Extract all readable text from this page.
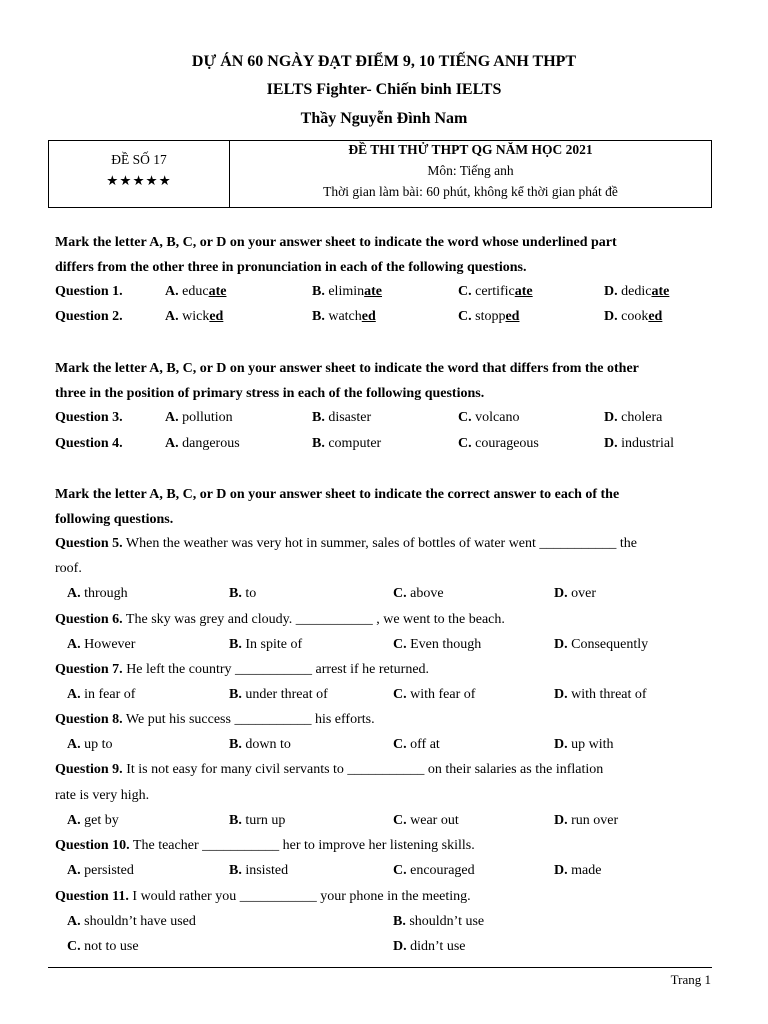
DỰ ÁN 60 NGÀY ĐẠT ĐIỂM 9, 10 TIẾNG ANH THPT
IELTS Fighter- Chiến binh IELTS
Thầy Nguyễn Đình Nam
ĐỀ SỐ 17
★★★★★
ĐỀ THI THỬ THPT QG NĂM HỌC 2021
Môn: Tiếng anh
Thời gian làm bài: 60 phút, không kể thời gian phát đề
Mark the letter A, B, C, or D on your answer sheet to indicate the word whose underlined part
differs from the other three in pronunciation in each of the following questions.
Question 1.	A. educate	B. eliminate	C. certificate	D. dedicate
Question 2.	A. wicked	B. watched	C. stopped	D. cooked
Mark the letter A, B, C, or D on your answer sheet to indicate the word that differs from the other
three in the position of primary stress in each of the following questions.
Question 3.	A. pollution	B. disaster	C. volcano	D. cholera
Question 4.	A. dangerous	B. computer	C. courageous	D. industrial
Mark the letter A, B, C, or D on your answer sheet to indicate the correct answer to each of the
following questions.
Question 5. When the weather was very hot in summer, sales of bottles of water went ___________ the
roof.
A. through	B. to	C. above	D. over
Question 6. The sky was grey and cloudy. ___________ , we went to the beach.
A. However	B. In spite of	C. Even though	D. Consequently
Question 7. He left the country ___________ arrest if he returned.
A. in fear of	B. under threat of	C. with fear of	D. with threat of
Question 8. We put his success ___________ his efforts.
A. up to	B. down to	C. off at	D. up with
Question 9. It is not easy for many civil servants to ___________ on their salaries as the inflation
rate is very high.
A. get by	B. turn up	C. wear out	D. run over
Question 10. The teacher ___________ her to improve her listening skills.
A. persisted	B. insisted	C. encouraged	D. made
Question 11. I would rather you ___________ your phone in the meeting.
A. shouldn’t have used	B. shouldn’t use
C. not to use	D. didn’t use
Trang 1
